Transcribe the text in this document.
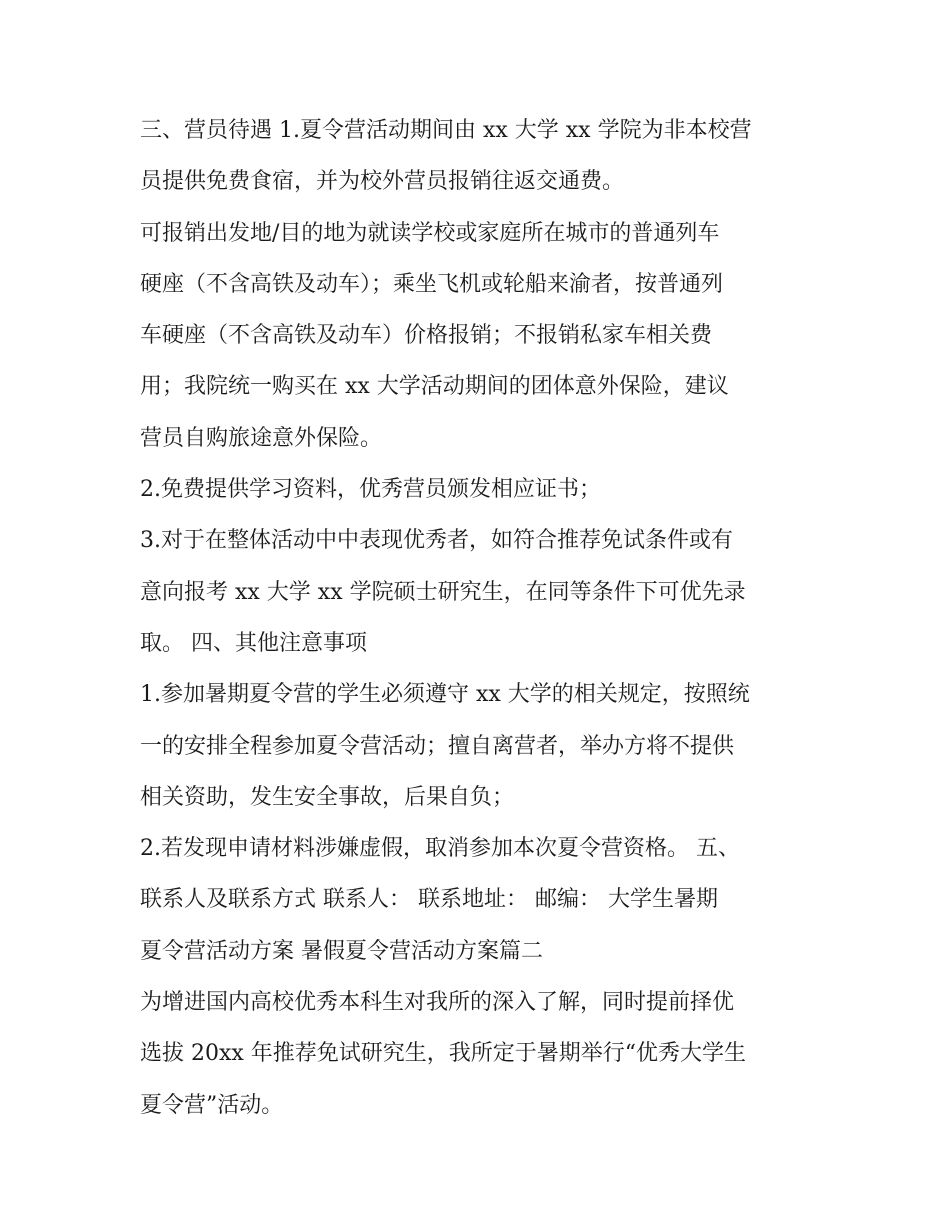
三、营员待遇 1.夏令营活动期间由 xx 大学 xx 学院为非本校营
员提供免费食宿，并为校外营员报销往返交通费。
可报销出发地/目的地为就读学校或家庭所在城市的普通列车
硬座（不含高铁及动车）；乘坐飞机或轮船来渝者，按普通列
车硬座（不含高铁及动车）价格报销；不报销私家车相关费
用；我院统一购买在 xx 大学活动期间的团体意外保险，建议
营员自购旅途意外保险。
2.免费提供学习资料，优秀营员颁发相应证书；
3.对于在整体活动中中表现优秀者，如符合推荐免试条件或有
意向报考 xx 大学 xx 学院硕士研究生，在同等条件下可优先录
取。 四、其他注意事项
1.参加暑期夏令营的学生必须遵守 xx 大学的相关规定，按照统
一的安排全程参加夏令营活动；擅自离营者，举办方将不提供
相关资助，发生安全事故，后果自负；
2.若发现申请材料涉嫌虚假，取消参加本次夏令营资格。 五、
联系人及联系方式 联系人： 联系地址： 邮编： 大学生暑期
夏令营活动方案 暑假夏令营活动方案篇二
为增进国内高校优秀本科生对我所的深入了解，同时提前择优
选拔 20xx 年推荐免试研究生，我所定于暑期举行“优秀大学生
夏令营”活动。
